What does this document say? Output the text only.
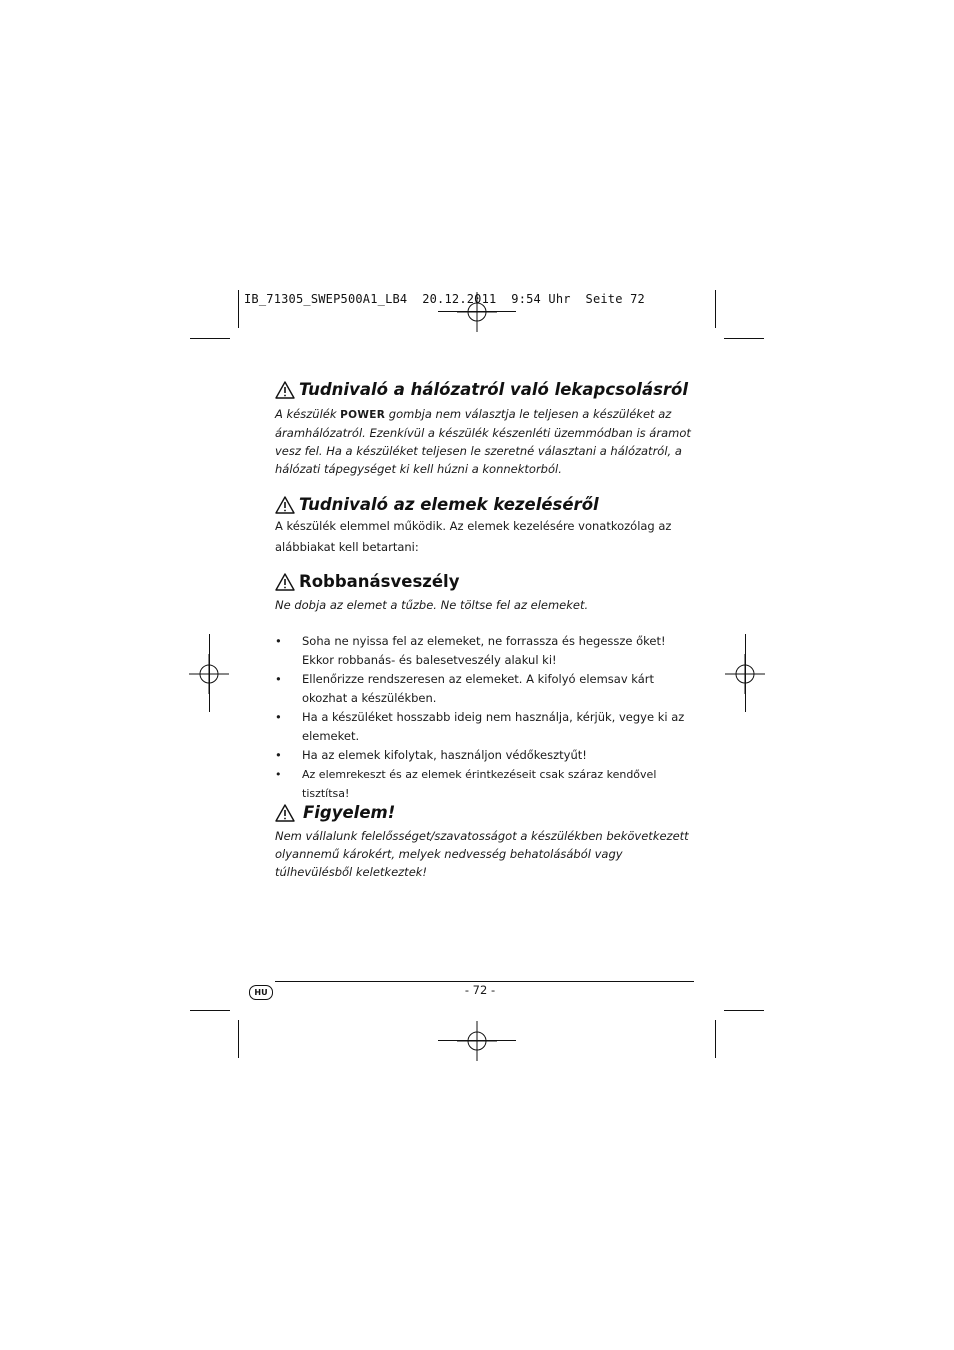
IB_71305_SWEP500A1_LB4  20.12.2011  9:54 Uhr  Seite 72
Tudnivaló a hálózatról való lekapcsolásról

A készülék POWER gombja nem választja le teljesen a készüléket az áramhálózatról. Ezenkívül a készülék készenléti üzemmódban is áramot vesz fel. Ha a készüléket teljesen le szeretné választani a hálózatról, a hálózati tápegységet ki kell húzni a konnektorból.

Tudnivaló az elemek kezeléséről

A készülék elemmel működik. Az elemek kezelésére vonatkozólag az alábbiakat kell betartani:

Robbanásveszély

Ne dobja az elemet a tűzbe. Ne töltse fel az elemeket.

• Soha ne nyissa fel az elemeket, ne forrassza és hegessze őket! Ekkor robbanás- és balesetveszély alakul ki!
• Ellenőrizze rendszeresen az elemeket. A kifolyó elemsav kárt okozhat a készülékben.
• Ha a készüléket hosszabb ideig nem használja, kérjük, vegye ki az elemeket.
• Ha az elemek kifolytak, használjon védőkesztyűt!
• Az elemrekeszt és az elemek érintkezéseit csak száraz kendővel tisztítsa!
Figyelem!

Nem vállalunk felelősséget/szavatosságot a készülékben bekövetkezett olyannemű károkért, melyek nedvesség behatolásából vagy túlhevülésből keletkeztek!

HU	- 72 -
